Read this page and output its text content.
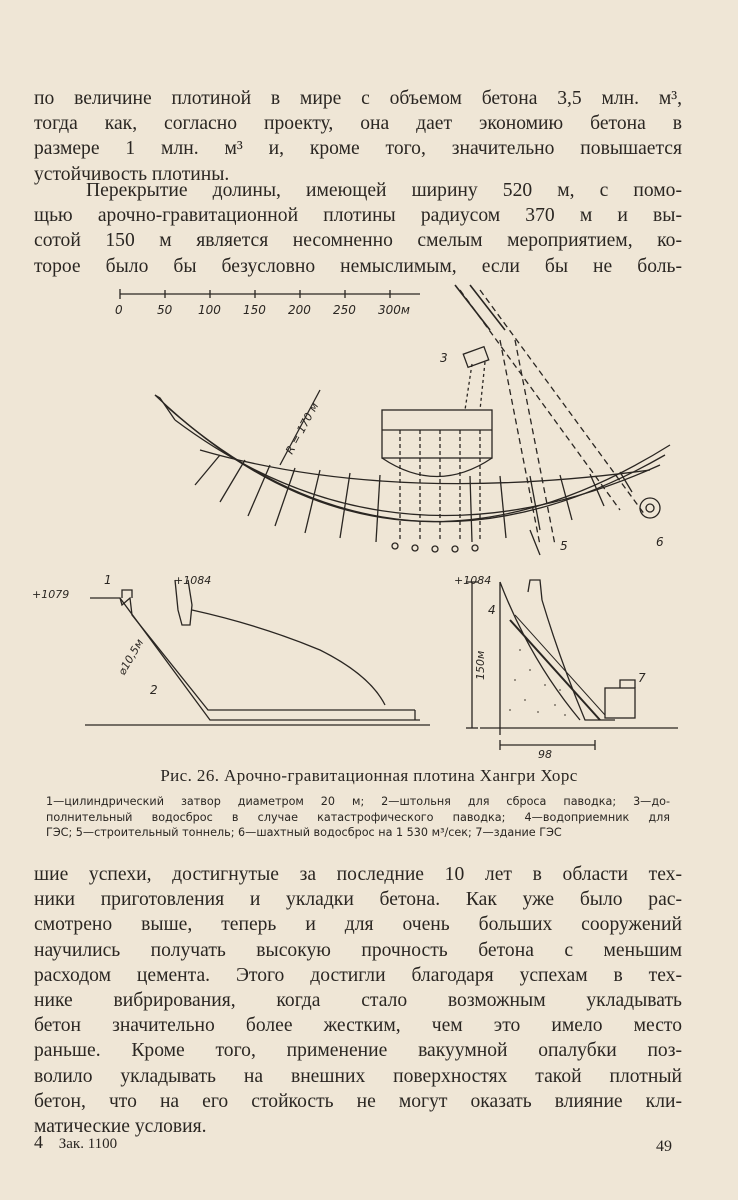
по величине плотиной в мире с объемом бетона 3,5 млн. м³,
тогда как, согласно проекту, она дает экономию бетона в
размере 1 млн. м³ и, кроме того, значительно повышается
устойчивость плотины.

Перекрытие долины, имеющей ширину 520 м, с помо-
щью арочно-гравитационной плотины радиусом 370 м и вы-
сотой 150 м является несомненно смелым мероприятием, ко-
торое было бы безусловно немыслимым, если бы не боль-

0	50 100 150 200 250 300м
R = 170 м
3
5	6
+1079
+1084
1
2
⌀10,5м
+1084
4
7
150м
98

Рис. 26. Арочно-гравитационная плотина Хангри Хорс

1—цилиндрический затвор диаметром 20 м; 2—штольня для сброса паводка; 3—до-
полнительный водосброс в случае катастрофического паводка; 4—водоприемник для
ГЭС; 5—строительный тоннель; 6—шахтный водосброс на 1 530 м³/сек; 7—здание ГЭС

шие успехи, достигнутые за последние 10 лет в области тех-
ники приготовления и укладки бетона. Как уже было рас-
смотрено выше, теперь и для очень больших сооружений
научились получать высокую прочность бетона с меньшим
расходом цемента. Этого достигли благодаря успехам в тех-
нике вибрирования, когда стало возможным укладывать
бетон значительно более жестким, чем это имело место
раньше. Кроме того, применение вакуумной опалубки поз-
волило укладывать на внешних поверхностях такой плотный
бетон, что на его стойкость не могут оказать влияние кли-
матические условия.

4 Зак. 1100	49
